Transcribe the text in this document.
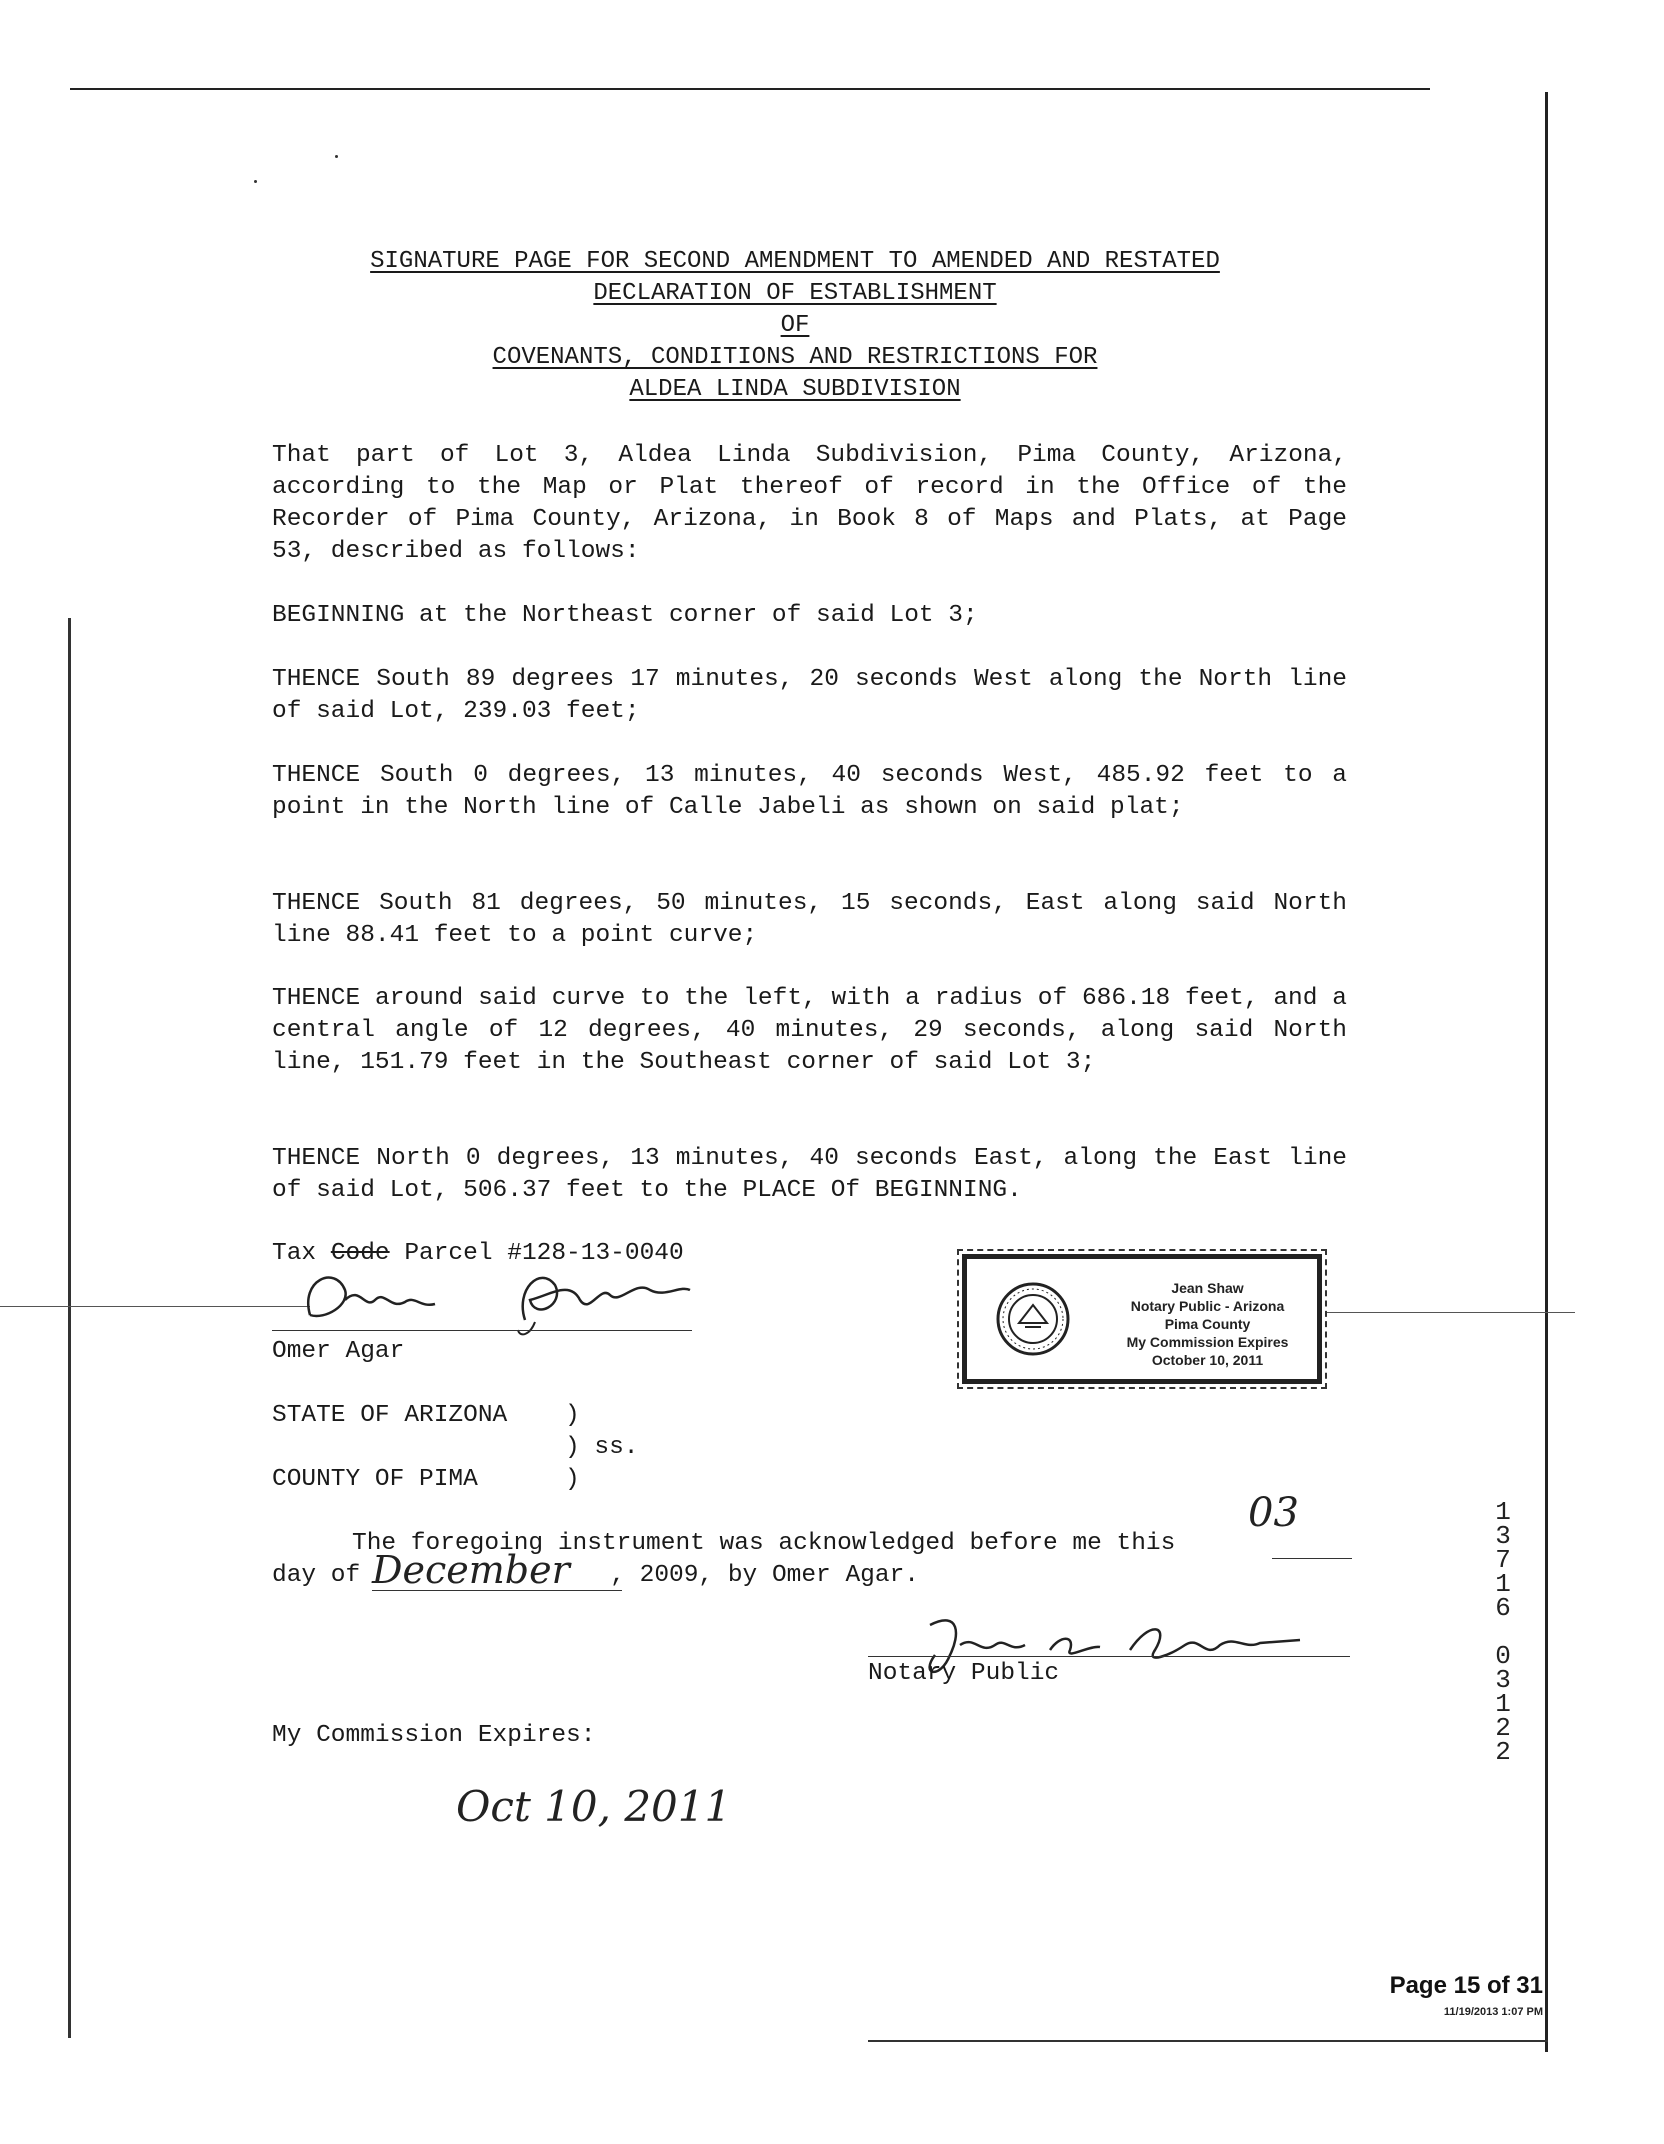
SIGNATURE PAGE FOR SECOND AMENDMENT TO AMENDED AND RESTATED
DECLARATION OF ESTABLISHMENT
OF
COVENANTS, CONDITIONS AND RESTRICTIONS FOR
ALDEA LINDA SUBDIVISION

That part of Lot 3, Aldea Linda Subdivision, Pima County, Arizona, according to the Map or Plat thereof of record in the Office of the Recorder of Pima County, Arizona, in Book 8 of Maps and Plats, at Page 53, described as follows:

BEGINNING at the Northeast corner of said Lot 3;

THENCE South 89 degrees 17 minutes, 20 seconds West along the North line of said Lot, 239.03 feet;

THENCE South 0 degrees, 13 minutes, 40 seconds West, 485.92 feet to a point in the North line of Calle Jabeli as shown on said plat;

THENCE South 81 degrees, 50 minutes, 15 seconds, East along said North line 88.41 feet to a point curve;

THENCE around said curve to the left, with a radius of 686.18 feet, and a central angle of 12 degrees, 40 minutes, 29 seconds, along said North line, 151.79 feet in the Southeast corner of said Lot 3;

THENCE North 0 degrees, 13 minutes, 40 seconds East, along the East line of said Lot, 506.37 feet to the PLACE Of BEGINNING.

Tax Code Parcel #128-13-0040
Omer Agar
Jean Shaw
Notary Public - Arizona
Pima County
My Commission Expires
October 10, 2011
STATE OF ARIZONA )
) ss.
COUNTY OF PIMA	)
The foregoing instrument was acknowledged before me this
03
day of	, 2009, by Omer Agar.
December
Notary Public
My Commission Expires:
Oct 10, 2011
1
3
7
1
6
0
3
1
2
2
Page 15 of 31
11/19/2013 1:07 PM
